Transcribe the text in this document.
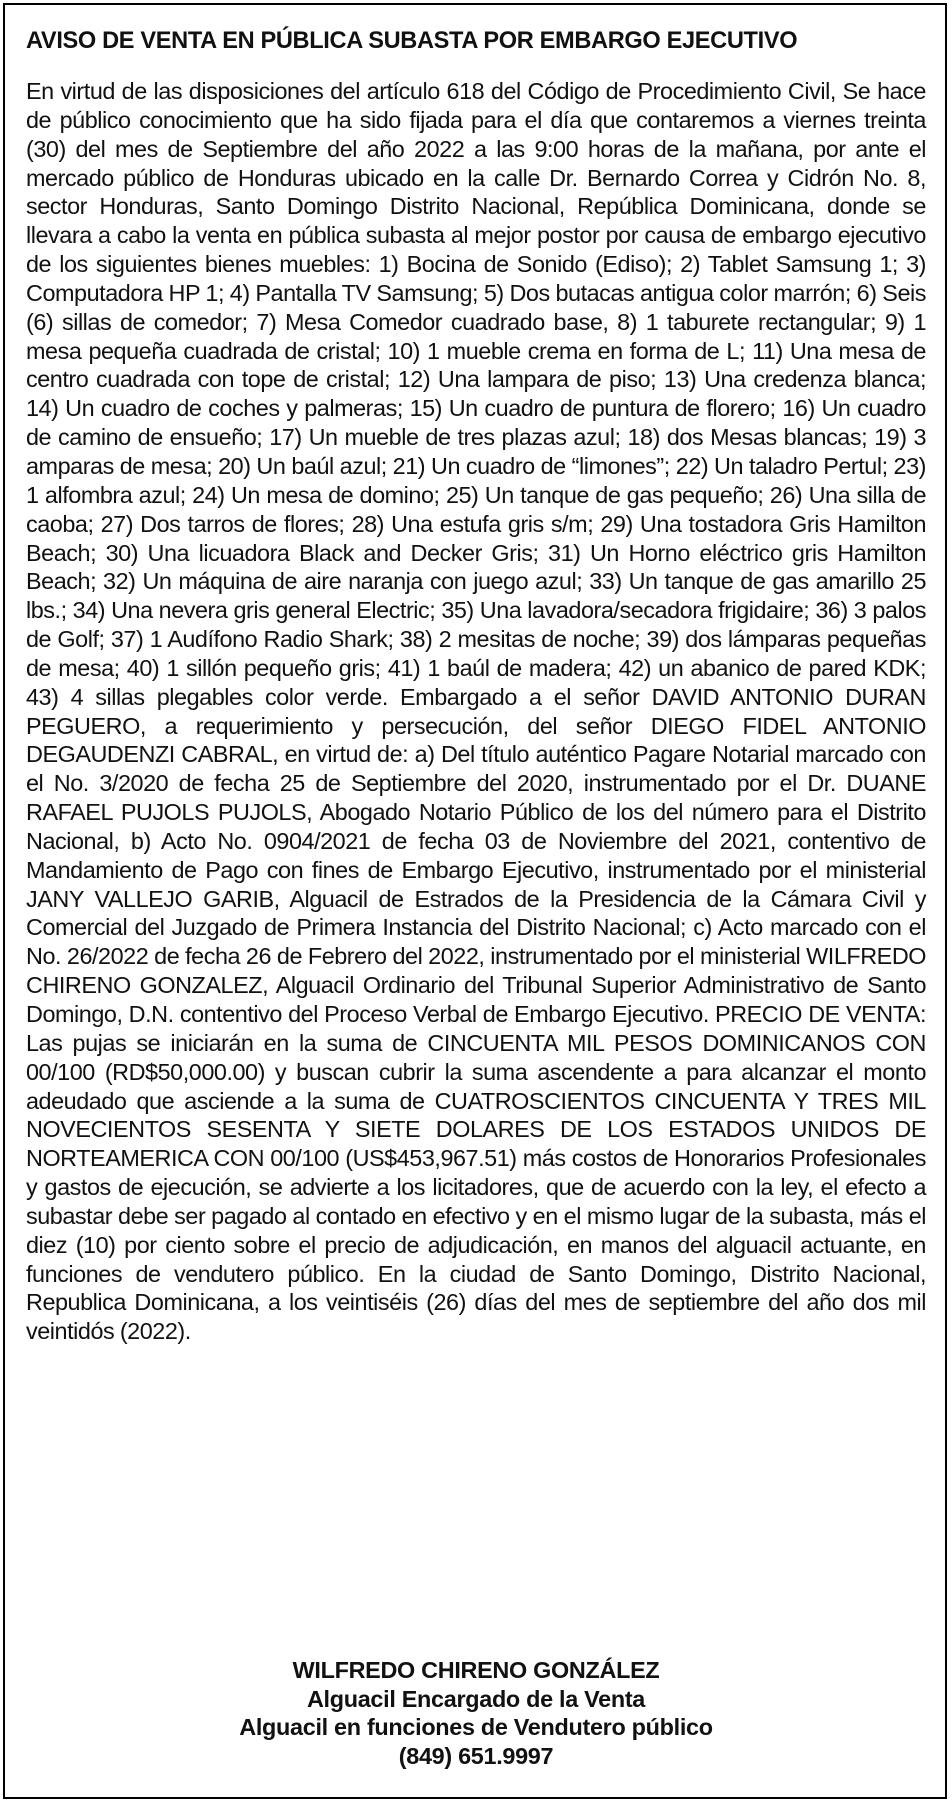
AVISO DE VENTA EN PÚBLICA SUBASTA POR EMBARGO EJECUTIVO

En virtud de las disposiciones del artículo 618 del Código de Procedimiento Civil, Se hace de público conocimiento que ha sido fijada para el día que contaremos a viernes treinta (30) del mes de Septiembre del año 2022 a las 9:00 horas de la mañana, por ante el mercado público de Honduras ubicado en la calle Dr. Bernardo Correa y Cidrón No. 8, sector Honduras, Santo Domingo Distrito Nacional, República Dominicana, donde se llevara a cabo la venta en pública subasta al mejor postor por causa de embargo ejecutivo de los siguientes bienes muebles: 1) Bocina de Sonido (Ediso); 2) Tablet Samsung 1; 3) Computadora HP 1; 4) Pantalla TV Samsung; 5) Dos butacas antigua color marrón; 6) Seis (6) sillas de comedor; 7) Mesa Comedor cuadrado base, 8) 1 taburete rectangular; 9) 1 mesa pequeña cuadrada de cristal; 10) 1 mueble crema en forma de L; 11) Una mesa de centro cuadrada con tope de cristal; 12) Una lampara de piso; 13) Una credenza blanca; 14) Un cuadro de coches y palmeras; 15) Un cuadro de puntura de florero; 16) Un cuadro de camino de ensueño; 17) Un mueble de tres plazas azul; 18) dos Mesas blancas; 19) 3 amparas de mesa; 20) Un baúl azul; 21) Un cuadro de “limones”; 22) Un taladro Pertul; 23) 1 alfombra azul; 24) Un mesa de domino; 25) Un tanque de gas pequeño; 26) Una silla de caoba; 27) Dos tarros de flores; 28) Una estufa gris s/m; 29) Una tostadora Gris Hamilton Beach; 30) Una licuadora Black and Decker Gris; 31) Un Horno eléctrico gris Hamilton Beach; 32) Un máquina de aire naranja con juego azul; 33) Un tanque de gas amarillo 25 lbs.; 34) Una nevera gris general Electric; 35) Una lavadora/secadora frigidaire; 36) 3 palos de Golf; 37) 1 Audífono Radio Shark; 38) 2 mesitas de noche; 39) dos lámparas pequeñas de mesa; 40) 1 sillón pequeño gris; 41) 1 baúl de madera; 42) un abanico de pared KDK; 43) 4 sillas plegables color verde. Embargado a el señor DAVID ANTONIO DURAN PEGUERO, a requerimiento y persecución, del señor DIEGO FIDEL ANTONIO DEGAUDENZI CABRAL, en virtud de: a) Del título auténtico Pagare Notarial marcado con el No. 3/2020 de fecha 25 de Septiembre del 2020, instrumentado por el Dr. DUANE RAFAEL PUJOLS PUJOLS, Abogado Notario Público de los del número para el Distrito Nacional, b) Acto No. 0904/2021 de fecha 03 de Noviembre del 2021, contentivo de Mandamiento de Pago con fines de Embargo Ejecutivo, instrumentado por el ministerial JANY VALLEJO GARIB, Alguacil de Estrados de la Presidencia de la Cámara Civil y Comercial del Juzgado de Primera Instancia del Distrito Nacional; c) Acto marcado con el No. 26/2022 de fecha 26 de Febrero del 2022, instrumentado por el ministerial WILFREDO CHIRENO GONZALEZ, Alguacil Ordinario del Tribunal Superior Administrativo de Santo Domingo, D.N. contentivo del Proceso Verbal de Embargo Ejecutivo. PRECIO DE VENTA: Las pujas se iniciarán en la suma de CINCUENTA MIL PESOS DOMINICANOS CON 00/100 (RD$50,000.00) y buscan cubrir la suma ascendente a para alcanzar el monto adeudado que asciende a la suma de CUATROSCIENTOS CINCUENTA Y TRES MIL NOVECIENTOS SESENTA Y SIETE DOLARES DE LOS ESTADOS UNIDOS DE NORTEAMERICA CON 00/100 (US$453,967.51) más costos de Honorarios Profesionales y gastos de ejecución, se advierte a los licitadores, que de acuerdo con la ley, el efecto a subastar debe ser pagado al contado en efectivo y en el mismo lugar de la subasta, más el diez (10) por ciento sobre el precio de adjudicación, en manos del alguacil actuante, en funciones de vendutero público. En la ciudad de Santo Domingo, Distrito Nacional, Republica Dominicana, a los veintiséis (26) días del mes de septiembre del año dos mil veintidós (2022).

WILFREDO CHIRENO GONZÁLEZ
Alguacil Encargado de la Venta
Alguacil en funciones de Vendutero público
(849) 651.9997
